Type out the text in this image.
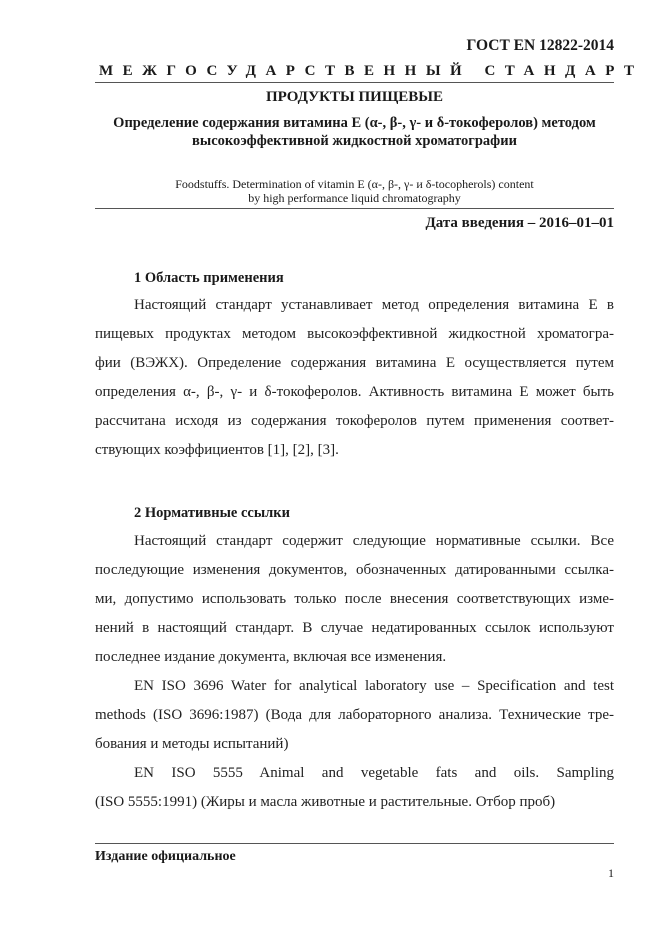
ГОСТ EN 12822-2014
МЕЖГОСУДАРСТВЕННЫЙ СТАНДАРТ
ПРОДУКТЫ ПИЩЕВЫЕ
Определение содержания витамина Е (α-, β-, γ- и δ-токоферолов) методом
высокоэффективной жидкостной хроматографии
Foodstuffs. Determination of vitamin E (α-, β-, γ- и δ-tocopherols) content
by high performance liquid chromatography
Дата введения – 2016–01–01
1 Область применения
Настоящий стандарт устанавливает метод определения витамина Е в
пищевых продуктах методом высокоэффективной жидкостной хроматогра-
фии (ВЭЖХ). Определение содержания витамина Е осуществляется путем
определения α-, β-, γ- и δ-токоферолов. Активность витамина Е может быть
рассчитана исходя из содержания токоферолов путем применения соответ-
ствующих коэффициентов [1], [2], [3].
2 Нормативные ссылки
Настоящий стандарт содержит следующие нормативные ссылки. Все
последующие изменения документов, обозначенных датированными ссылка-
ми, допустимо использовать только после внесения соответствующих изме-
нений в настоящий стандарт. В случае недатированных ссылок используют
последнее издание документа, включая все изменения.
EN ISO 3696 Water for analytical laboratory use – Specification and test
methods (ISO 3696:1987) (Вода для лабораторного анализа. Технические тре-
бования и методы испытаний)
EN ISO 5555 Animal and vegetable fats and oils. Sampling
(ISO 5555:1991) (Жиры и масла животные и растительные. Отбор проб)
Издание официальное
1
